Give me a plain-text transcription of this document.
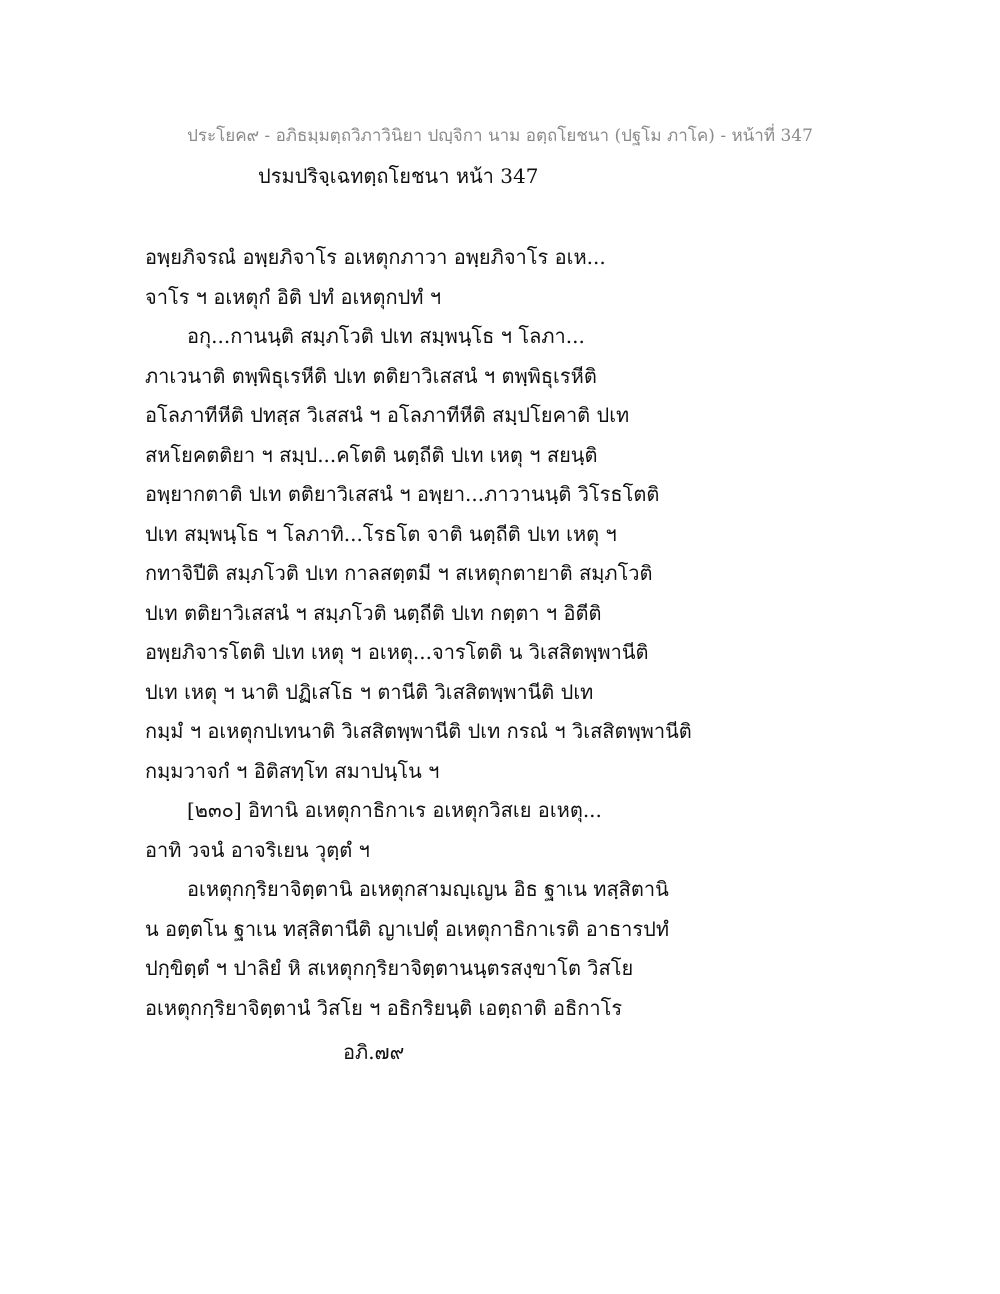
ประโยค๙ - อภิธมฺมตฺถวิภาวินิยา ปญฺจิกา นาม อตฺถโยชนา (ปฐโม ภาโค) - หน้าที่ 347
ปรมปริจฺเฉทตฺถโยชนา หน้า 347
อพฺยภิจรณํ อพฺยภิจาโร อเหตุกภาวา อพฺยภิจาโร อเห...
จาโร ฯ อเหตุกํ อิติ ปทํ อเหตุกปทํ ฯ
อกุ...กานนฺติ สมฺภโวติ ปเท สมฺพนฺโธ ฯ โลภา...
ภาเวนาติ ตพฺพิธุเรหีติ ปเท ตติยาวิเสสนํ ฯ ตพฺพิธุเรหีติ
อโลภาทีหีติ ปทสฺส วิเสสนํ ฯ อโลภาทีหีติ สมฺปโยคาติ ปเท
สหโยคตติยา ฯ สมฺป...คโตติ นตฺถีติ ปเท เหตุ ฯ สยนฺติ
อพฺยากตาติ ปเท ตติยาวิเสสนํ ฯ อพฺยา...ภาวานนฺติ วิโรธโตติ
ปเท สมฺพนฺโธ ฯ โลภาทิ...โรธโต จาติ นตฺถีติ ปเท เหตุ ฯ
กทาจิปีติ สมฺภโวติ ปเท กาลสตฺตมี ฯ สเหตุกตายาติ สมฺภโวติ
ปเท ตติยาวิเสสนํ ฯ สมฺภโวติ นตฺถีติ ปเท กตฺตา ฯ อิตีติ
อพฺยภิจารโตติ ปเท เหตุ ฯ อเหตุ...จารโตติ น วิเสสิตพฺพานีติ
ปเท เหตุ ฯ นาติ ปฏิเสโธ ฯ ตานีติ วิเสสิตพฺพานีติ ปเท
กมฺมํ ฯ อเหตุกปเทนาติ วิเสสิตพฺพานีติ ปเท กรณํ ฯ วิเสสิตพฺพานีติ
กมฺมวาจกํ ฯ อิติสทฺโท สมาปนฺโน ฯ
[๒๓๐] อิทานิ อเหตุกาธิกาเร อเหตุกวิสเย อเหตุ...
อาทิ วจนํ อาจริเยน วุตฺตํ ฯ
อเหตุกกฺริยาจิตฺตานิ อเหตุกสามญฺเญน อิธ ฐาเน ทสฺสิตานิ
น อตฺตโน ฐาเน ทสฺสิตานีติ ญาเปตุํ อเหตุกาธิกาเรติ อาธารปทํ
ปกฺขิตฺตํ ฯ ปาลิยํ หิ สเหตุกกฺริยาจิตฺตานนฺตรสงฺขาโต วิสโย
อเหตุกกฺริยาจิตฺตานํ วิสโย ฯ อธิกริยนฺติ เอตฺถาติ อธิกาโร
อภิ.๗๙
